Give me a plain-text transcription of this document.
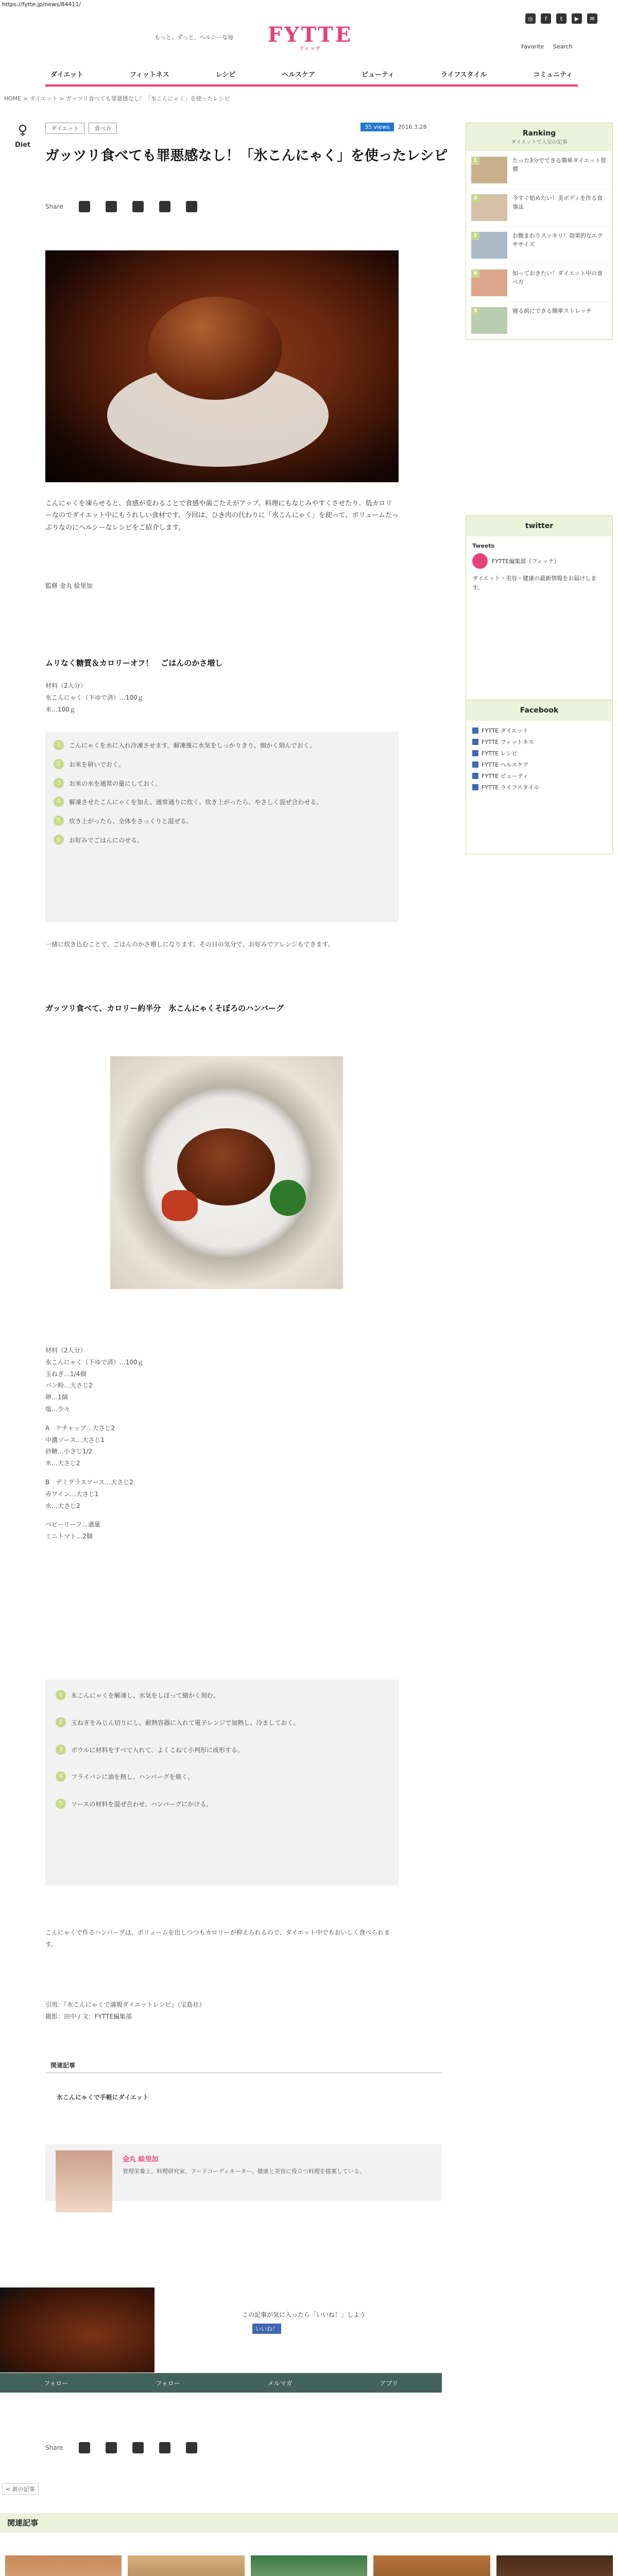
https://fytte.jp/news/84411/
もっと、ずっと、ヘルシーな毎	FYTTE
フィッテ
◎	f	t	▶	✉
Favorite Search
ダイエット	フィットネス	レシピ	ヘルスケア	ビューティ	ライフスタイル	コミュニティ
HOME > ダイエット > ガッツリ食べても罪悪感なし！「氷こんにゃく」を使ったレシピ
♀
Diet
ダイエット	食べ方	35 views	2016.3.28
ガッツリ食べても罪悪感なし！「氷こんにゃく」を使ったレシピ
Share
こんにゃくを凍らせると、食感が変わることで食感や歯ごたえがアップ。料理にもなじみやすくさせたり、低カロリーなのでダイエット中にもうれしい食材です。今回は、ひき肉の代わりに「氷こんにゃく」を使って、ボリュームたっぷりなのにヘルシーなレシピをご紹介します。
監修 金丸 絵里加
ムリなく糖質＆カロリーオフ！　ごはんのかさ増し
材料（2人分）
氷こんにゃく（下ゆで済）…100ｇ
米…100ｇ
1	こんにゃくを水に入れ冷凍させます。解凍後に水気をしっかりきり、細かく刻んでおく。
2	お米を研いでおく。
3	お米の水を通常の量にしておく。
4	解凍させたこんにゃくを加え、通常通りに炊く。炊き上がったら、やさしく混ぜ合わせる。
5	炊き上がったら、全体をさっくりと混ぜる。
6	お好みでごはんにのせる。
一緒に炊き込むことで、ごはんのかさ増しになります。その日の気分で、お好みでアレンジもできます。
ガッツリ食べて、カロリー約半分　氷こんにゃくそぼろのハンバーグ
材料（2人分）
氷こんにゃく（下ゆで済）…100ｇ
玉ねぎ…1/4個
パン粉…大さじ2
卵…1個
塩…少々
A　ケチャップ…大さじ2
中濃ソース…大さじ1
砂糖…小さじ1/2
水…大さじ2
B　デミグラスソース…大さじ2
赤ワイン…大さじ1
水…大さじ2
ベビーリーフ…適量
ミニトマト…2個
1	氷こんにゃくを解凍し、水気をしぼって細かく刻む。
2	玉ねぎをみじん切りにし、耐熱容器に入れて電子レンジで加熱し、冷ましておく。
3	ボウルに材料をすべて入れて、よくこねて小判形に成形する。
4	フライパンに油を熱し、ハンバーグを焼く。
5	ソースの材料を混ぜ合わせ、ハンバーグにかける。
こんにゃくで作るハンバーグは、ボリュームを出しつつもカロリーが抑えられるので、ダイエット中でもおいしく食べられます。
引用：『氷こんにゃくで満腹ダイエットレシピ』（宝島社）
撮影：田中 / 文：FYTTE編集部
関連記事
氷こんにゃくで手軽にダイエット
金丸 絵里加
管理栄養士、料理研究家、フードコーディネーター。健康と美容に役立つ料理を提案している。
この記事が気に入ったら「いいね！」しよう
いいね！
フォロー	フォロー	メルマガ	アプリ
Share
< 前の記事
関連記事
Ranking
ダイエットで人気の記事
1	たった3分でできる簡単ダイエット習慣
2	今すぐ始めたい！美ボディを作る食事法
3	お腹まわりスッキリ！効果的なエクササイズ
4	知っておきたい！ダイエット中の食べ方
5	寝る前にできる簡単ストレッチ
twitter
Tweets
FYTTE編集部（フィッテ）
ダイエット・美容・健康の最新情報をお届けします。
Facebook
FYTTE ダイエット
FYTTE フィットネス
FYTTE レシピ
FYTTE ヘルスケア
FYTTE ビューティ
FYTTE ライフスタイル
